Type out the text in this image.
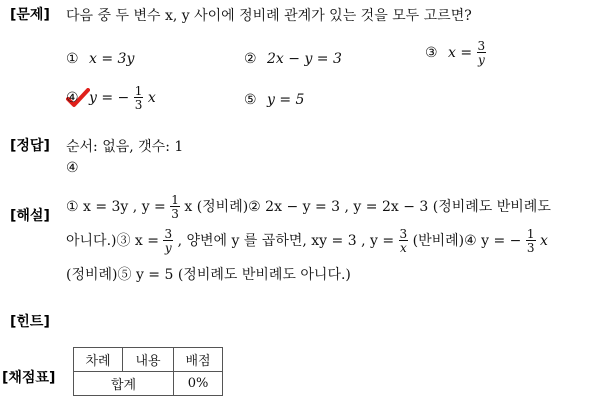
[문제] 다음 중 두 변수 x, y 사이에 정비례 관계가 있는 것을 모두 고르면?
① x = 3y	② 2x − y = 3	③ $x = \frac{3}{y}$
④ y = − $\frac{1}{3}$ x	⑤ y = 5
[정답] 순서: 없음, 갯수: 1
④
[해설]
① x = 3y , $y = \frac{1}{3}$ x (정비례)② 2x − y = 3 , y = 2x − 3 (정비례도 반비례도
아니다.)③ $x = \frac{3}{y}$ , 양변에 y 를 곱하면, xy = 3 , $y = \frac{3}{x}$ (반비례)④ y = − $\frac{1}{3}$ x
(정비례)⑤ y = 5 (정비례도 반비례도 아니다.)
[힌트]
[채점표]
차례	내용	배점
합계		0%
